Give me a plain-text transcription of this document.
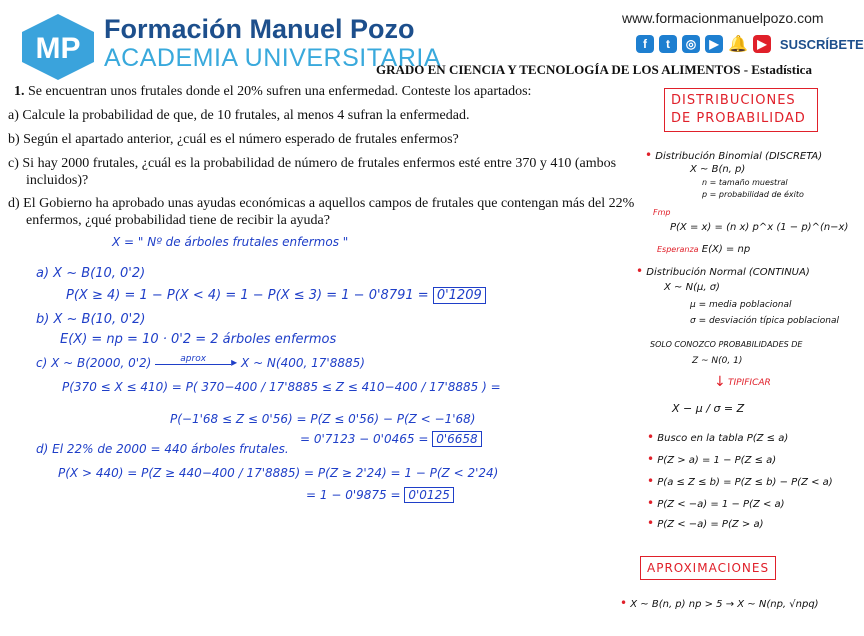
MP
Formación Manuel Pozo
ACADEMIA UNIVERSITARIA
www.formacionmanuelpozo.com
f	t	◎	▶ 🔔 ▶	SUSCRÍBETE
GRADO EN CIENCIA Y TECNOLOGÍA DE LOS ALIMENTOS - Estadística
1. Se encuentran unos frutales donde el 20% sufren una enfermedad. Conteste los apartados:
a) Calcule la probabilidad de que, de 10 frutales, al menos 4 sufran la enfermedad.
b) Según el apartado anterior, ¿cuál es el número esperado de frutales enfermos?
c) Si hay 2000 frutales, ¿cuál es la probabilidad de número de frutales enfermos esté entre 370 y 410 (ambos incluidos)?
d) El Gobierno ha aprobado unas ayudas económicas a aquellos campos de frutales que contengan más del 22% enfermos, ¿qué probabilidad tiene de recibir la ayuda?
X = " Nº de árboles frutales enfermos "
a) X ~ B(10, 0'2)
P(X ≥ 4) = 1 − P(X < 4) = 1 − P(X ≤ 3) = 1 − 0'8791 = 0'1209
b) X ~ B(10, 0'2)
E(X) = np = 10 · 0'2 = 2 árboles enfermos
c) X ~ B(2000, 0'2)	aprox ▸ X ~ N(400, 17'8885)
P(370 ≤ X ≤ 410) = P( 370−400 / 17'8885 ≤ Z ≤ 410−400 / 17'8885 ) =
P(−1'68 ≤ Z ≤ 0'56) = P(Z ≤ 0'56) − P(Z < −1'68)
= 0'7123 − 0'0465 = 0'6658
d) El 22% de 2000 = 440 árboles frutales.
P(X > 440) = P(Z ≥ 440−400 / 17'8885) = P(Z ≥ 2'24) = 1 − P(Z < 2'24)
= 1 − 0'9875 = 0'0125
DISTRIBUCIONES DE PROBABILIDAD
• Distribución Binomial (DISCRETA)
X ~ B(n, p)
n = tamaño muestral
p = probabilidad de éxito
Fmp
P(X = x) = (n x) p^x (1 − p)^(n−x)
Esperanza E(X) = np
• Distribución Normal (CONTINUA)
X ~ N(μ, σ)
μ = media poblacional
σ = desviación típica poblacional
SOLO CONOZCO PROBABILIDADES DE
Z ~ N(0, 1)
↓ TIPIFICAR
X − μ / σ = Z
• Busco en la tabla P(Z ≤ a)
• P(Z > a) = 1 − P(Z ≤ a)
• P(a ≤ Z ≤ b) = P(Z ≤ b) − P(Z < a)
• P(Z < −a) = 1 − P(Z < a)
• P(Z < −a) = P(Z > a)
APROXIMACIONES
• X ~ B(n, p) np > 5 → X ~ N(np, √npq)
